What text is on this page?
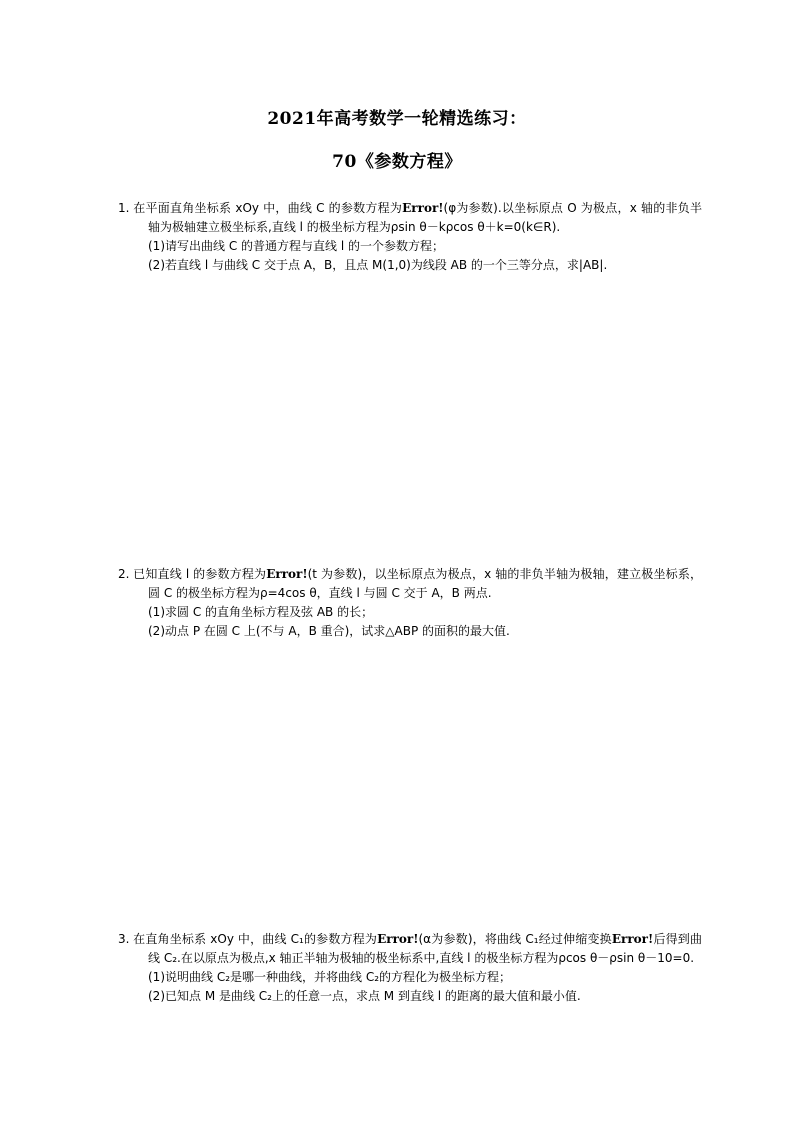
2021年高考数学一轮精选练习：
70《参数方程》
1. 在平面直角坐标系 xOy 中，曲线 C 的参数方程为Error!(φ为参数).以坐标原点 O 为极点，x 轴的非负半轴为极轴建立极坐标系,直线 l 的极坐标方程为ρsin θ－kρcos θ＋k=0(k∈R).
(1)请写出曲线 C 的普通方程与直线 l 的一个参数方程；
(2)若直线 l 与曲线 C 交于点 A，B，且点 M(1,0)为线段 AB 的一个三等分点，求|AB|.
2. 已知直线 l 的参数方程为Error!(t 为参数)，以坐标原点为极点，x 轴的非负半轴为极轴，建立极坐标系，圆 C 的极坐标方程为ρ=4cos θ，直线 l 与圆 C 交于 A，B 两点.
(1)求圆 C 的直角坐标方程及弦 AB 的长；
(2)动点 P 在圆 C 上(不与 A，B 重合)，试求△ABP 的面积的最大值.
3. 在直角坐标系 xOy 中，曲线 C₁的参数方程为Error!(α为参数)，将曲线 C₁经过伸缩变换Error!后得到曲线 C₂.在以原点为极点,x 轴正半轴为极轴的极坐标系中,直线 l 的极坐标方程为ρcos θ－ρsin θ－10=0.
(1)说明曲线 C₂是哪一种曲线，并将曲线 C₂的方程化为极坐标方程；
(2)已知点 M 是曲线 C₂上的任意一点，求点 M 到直线 l 的距离的最大值和最小值.
